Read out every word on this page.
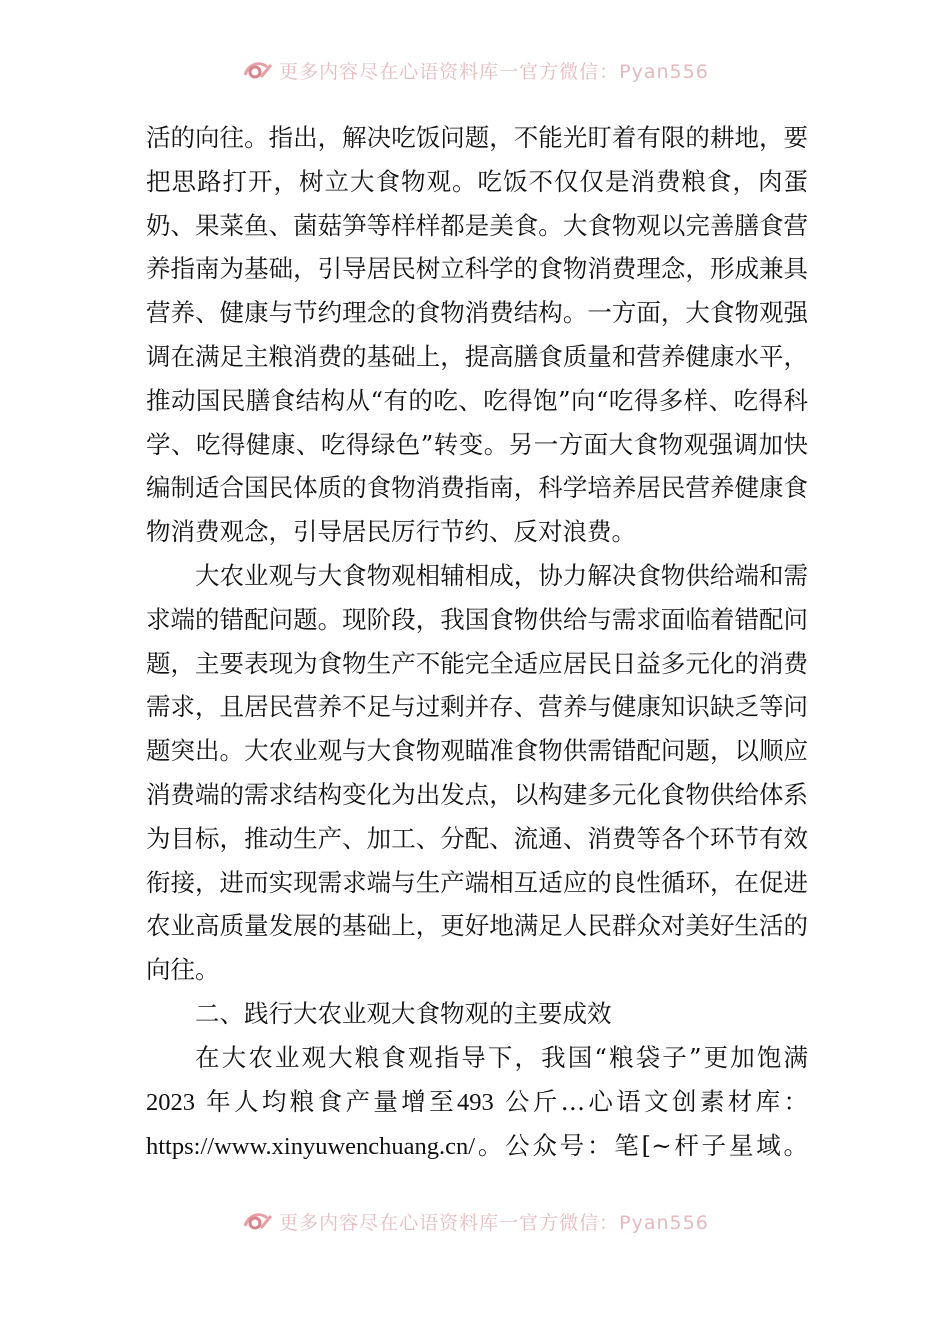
更多内容尽在心语资料库一官方微信：Pyan556

活的向往。指出，解决吃饭问题，不能光盯着有限的耕地，要把思路打开，树立大食物观。吃饭不仅仅是消费粮食，肉蛋奶、果菜鱼、菌菇笋等样样都是美食。大食物观以完善膳食营养指南为基础，引导居民树立科学的食物消费理念，形成兼具营养、健康与节约理念的食物消费结构。一方面，大食物观强调在满足主粮消费的基础上，提高膳食质量和营养健康水平，推动国民膳食结构从“有的吃、吃得饱”向“吃得多样、吃得科学、吃得健康、吃得绿色”转变。另一方面大食物观强调加快编制适合国民体质的食物消费指南，科学培养居民营养健康食物消费观念，引导居民厉行节约、反对浪费。

大农业观与大食物观相辅相成，协力解决食物供给端和需求端的错配问题。现阶段，我国食物供给与需求面临着错配问题，主要表现为食物生产不能完全适应居民日益多元化的消费需求，且居民营养不足与过剩并存、营养与健康知识缺乏等问题突出。大农业观与大食物观瞄准食物供需错配问题，以顺应消费端的需求结构变化为出发点，以构建多元化食物供给体系为目标，推动生产、加工、分配、流通、消费等各个环节有效衔接，进而实现需求端与生产端相互适应的良性循环，在促进农业高质量发展的基础上，更好地满足人民群众对美好生活的向往。

二、践行大农业观大食物观的主要成效

在大农业观大粮食观指导下，我国“粮袋子”更加饱满

2023 年人均粮食产量增至493 公斤…心语文创素材库：

https://www.xinyuwenchuang.cn/。公众号：笔[~杆子星域。

更多内容尽在心语资料库一官方微信：Pyan556
